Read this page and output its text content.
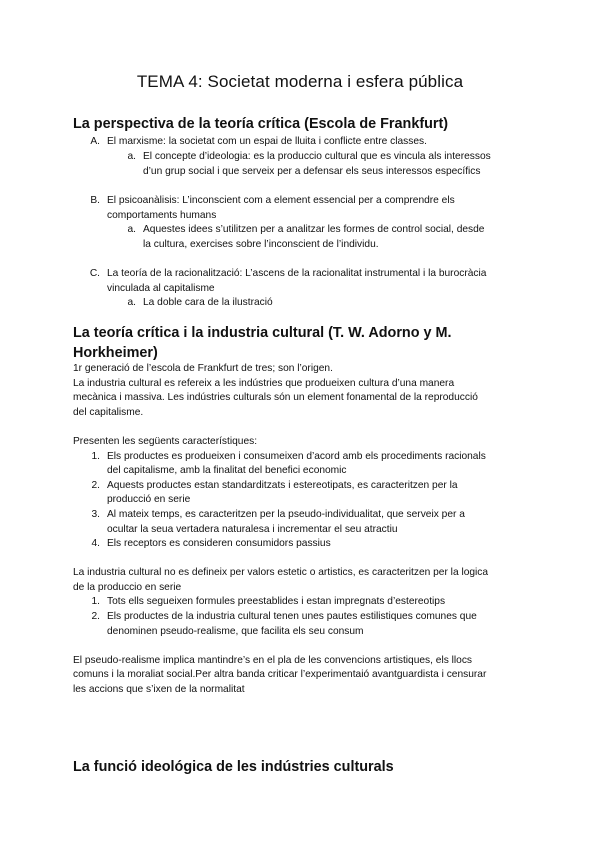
TEMA 4: Societat moderna i esfera pública
La perspectiva de la teoría crítica (Escola de Frankfurt)
A. El marxisme: la societat com un espai de lluita i conflicte entre classes.
a. El concepte d’ideologia: es la produccio cultural que es vincula als interessos
d’un grup social i que serveix per a defensar els seus interessos específics
B. El psicoanàlisis: L’inconscient com a element essencial per a comprendre els
comportaments humans
a. Aquestes idees s’utilitzen per a analitzar les formes de control social, desde
la cultura, exercises sobre l’inconscient de l’individu.
C. La teoría de la racionalització: L’ascens de la racionalitat instrumental i la burocràcia
vinculada al capitalisme
a. La doble cara de la ilustració
La teoría crítica i la industria cultural (T. W. Adorno y M.
Horkheimer)
1r generació de l’escola de Frankfurt de tres; son l’origen.
La industria cultural es refereix a les indústries que produeixen cultura d’una manera
mecànica i massiva. Les indústries culturals són un element fonamental de la reproducció
del capitalisme.
Presenten les següents característiques:
1. Els productes es produeixen i consumeixen d’acord amb els procediments racionals
del capitalisme, amb la finalitat del benefici economic
2. Aquests productes estan standarditzats i estereotipats, es caracteritzen per la
producció en serie
3. Al mateix temps, es caracteritzen per la pseudo-individualitat, que serveix per a
ocultar la seua vertadera naturalesa i incrementar el seu atractiu
4. Els receptors es consideren consumidors passius
La industria cultural no es defineix per valors estetic o artistics, es caracteritzen per la logica
de la produccio en serie
1. Tots ells segueixen formules preestablides i estan impregnats d’estereotips
2. Els productes de la industria cultural tenen unes pautes estilistiques comunes que
denominen pseudo-realisme, que facilita els seu consum
El pseudo-realisme implica mantindre’s en el pla de les convencions artistiques, els llocs
comuns i la moraliat social.Per altra banda criticar l’experimentaió avantguardista i censurar
les accions que s’ixen de la normalitat
La funció ideológica de les indústries culturals
